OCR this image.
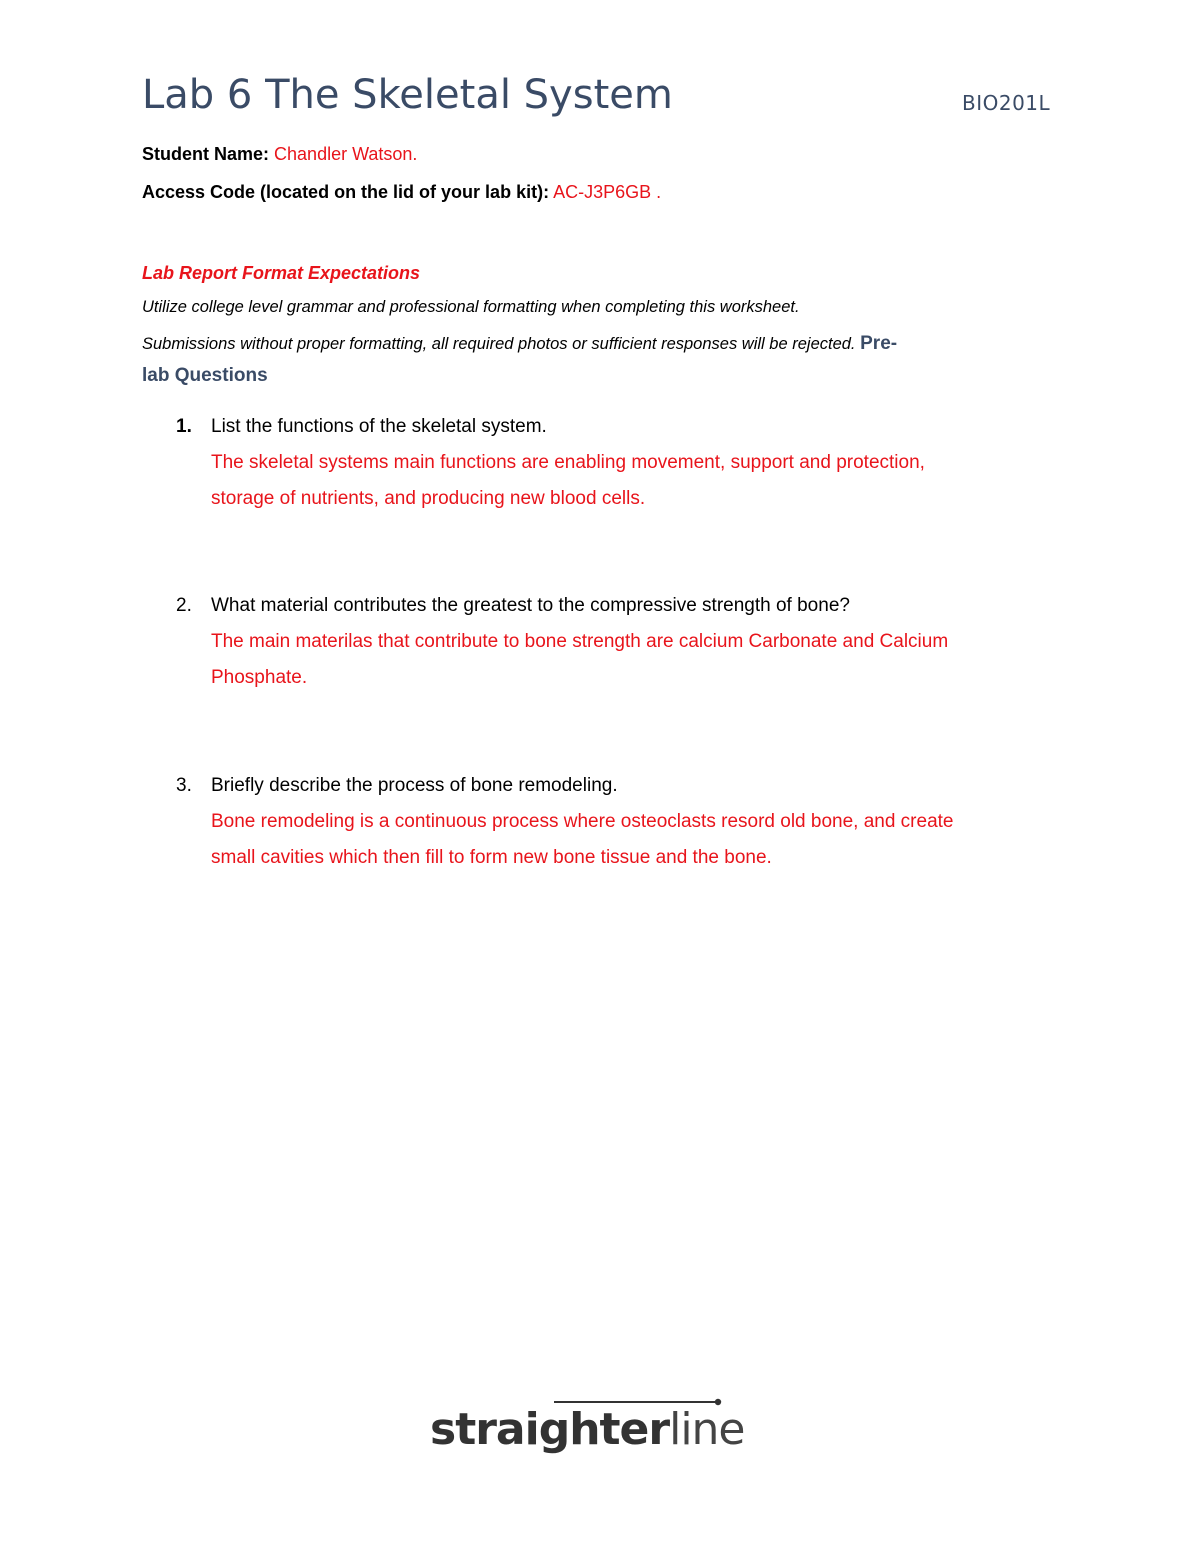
Lab 6 The Skeletal System	BIO201L
Student Name: Chandler Watson.
Access Code (located on the lid of your lab kit): AC-J3P6GB .
Lab Report Format Expectations
Utilize college level grammar and professional formatting when completing this worksheet.
Submissions without proper formatting, all required photos or sufficient responses will be rejected. Pre-
lab Questions
1. List the functions of the skeletal system.
The skeletal systems main functions are enabling movement, support and protection,
storage of nutrients, and producing new blood cells.
2. What material contributes the greatest to the compressive strength of bone?
The main materilas that contribute to bone strength are calcium Carbonate and Calcium
Phosphate.
3. Briefly describe the process of bone remodeling.
Bone remodeling is a continuous process where osteoclasts resord old bone, and create
small cavities which then fill to form new bone tissue and the bone.
straighterline
